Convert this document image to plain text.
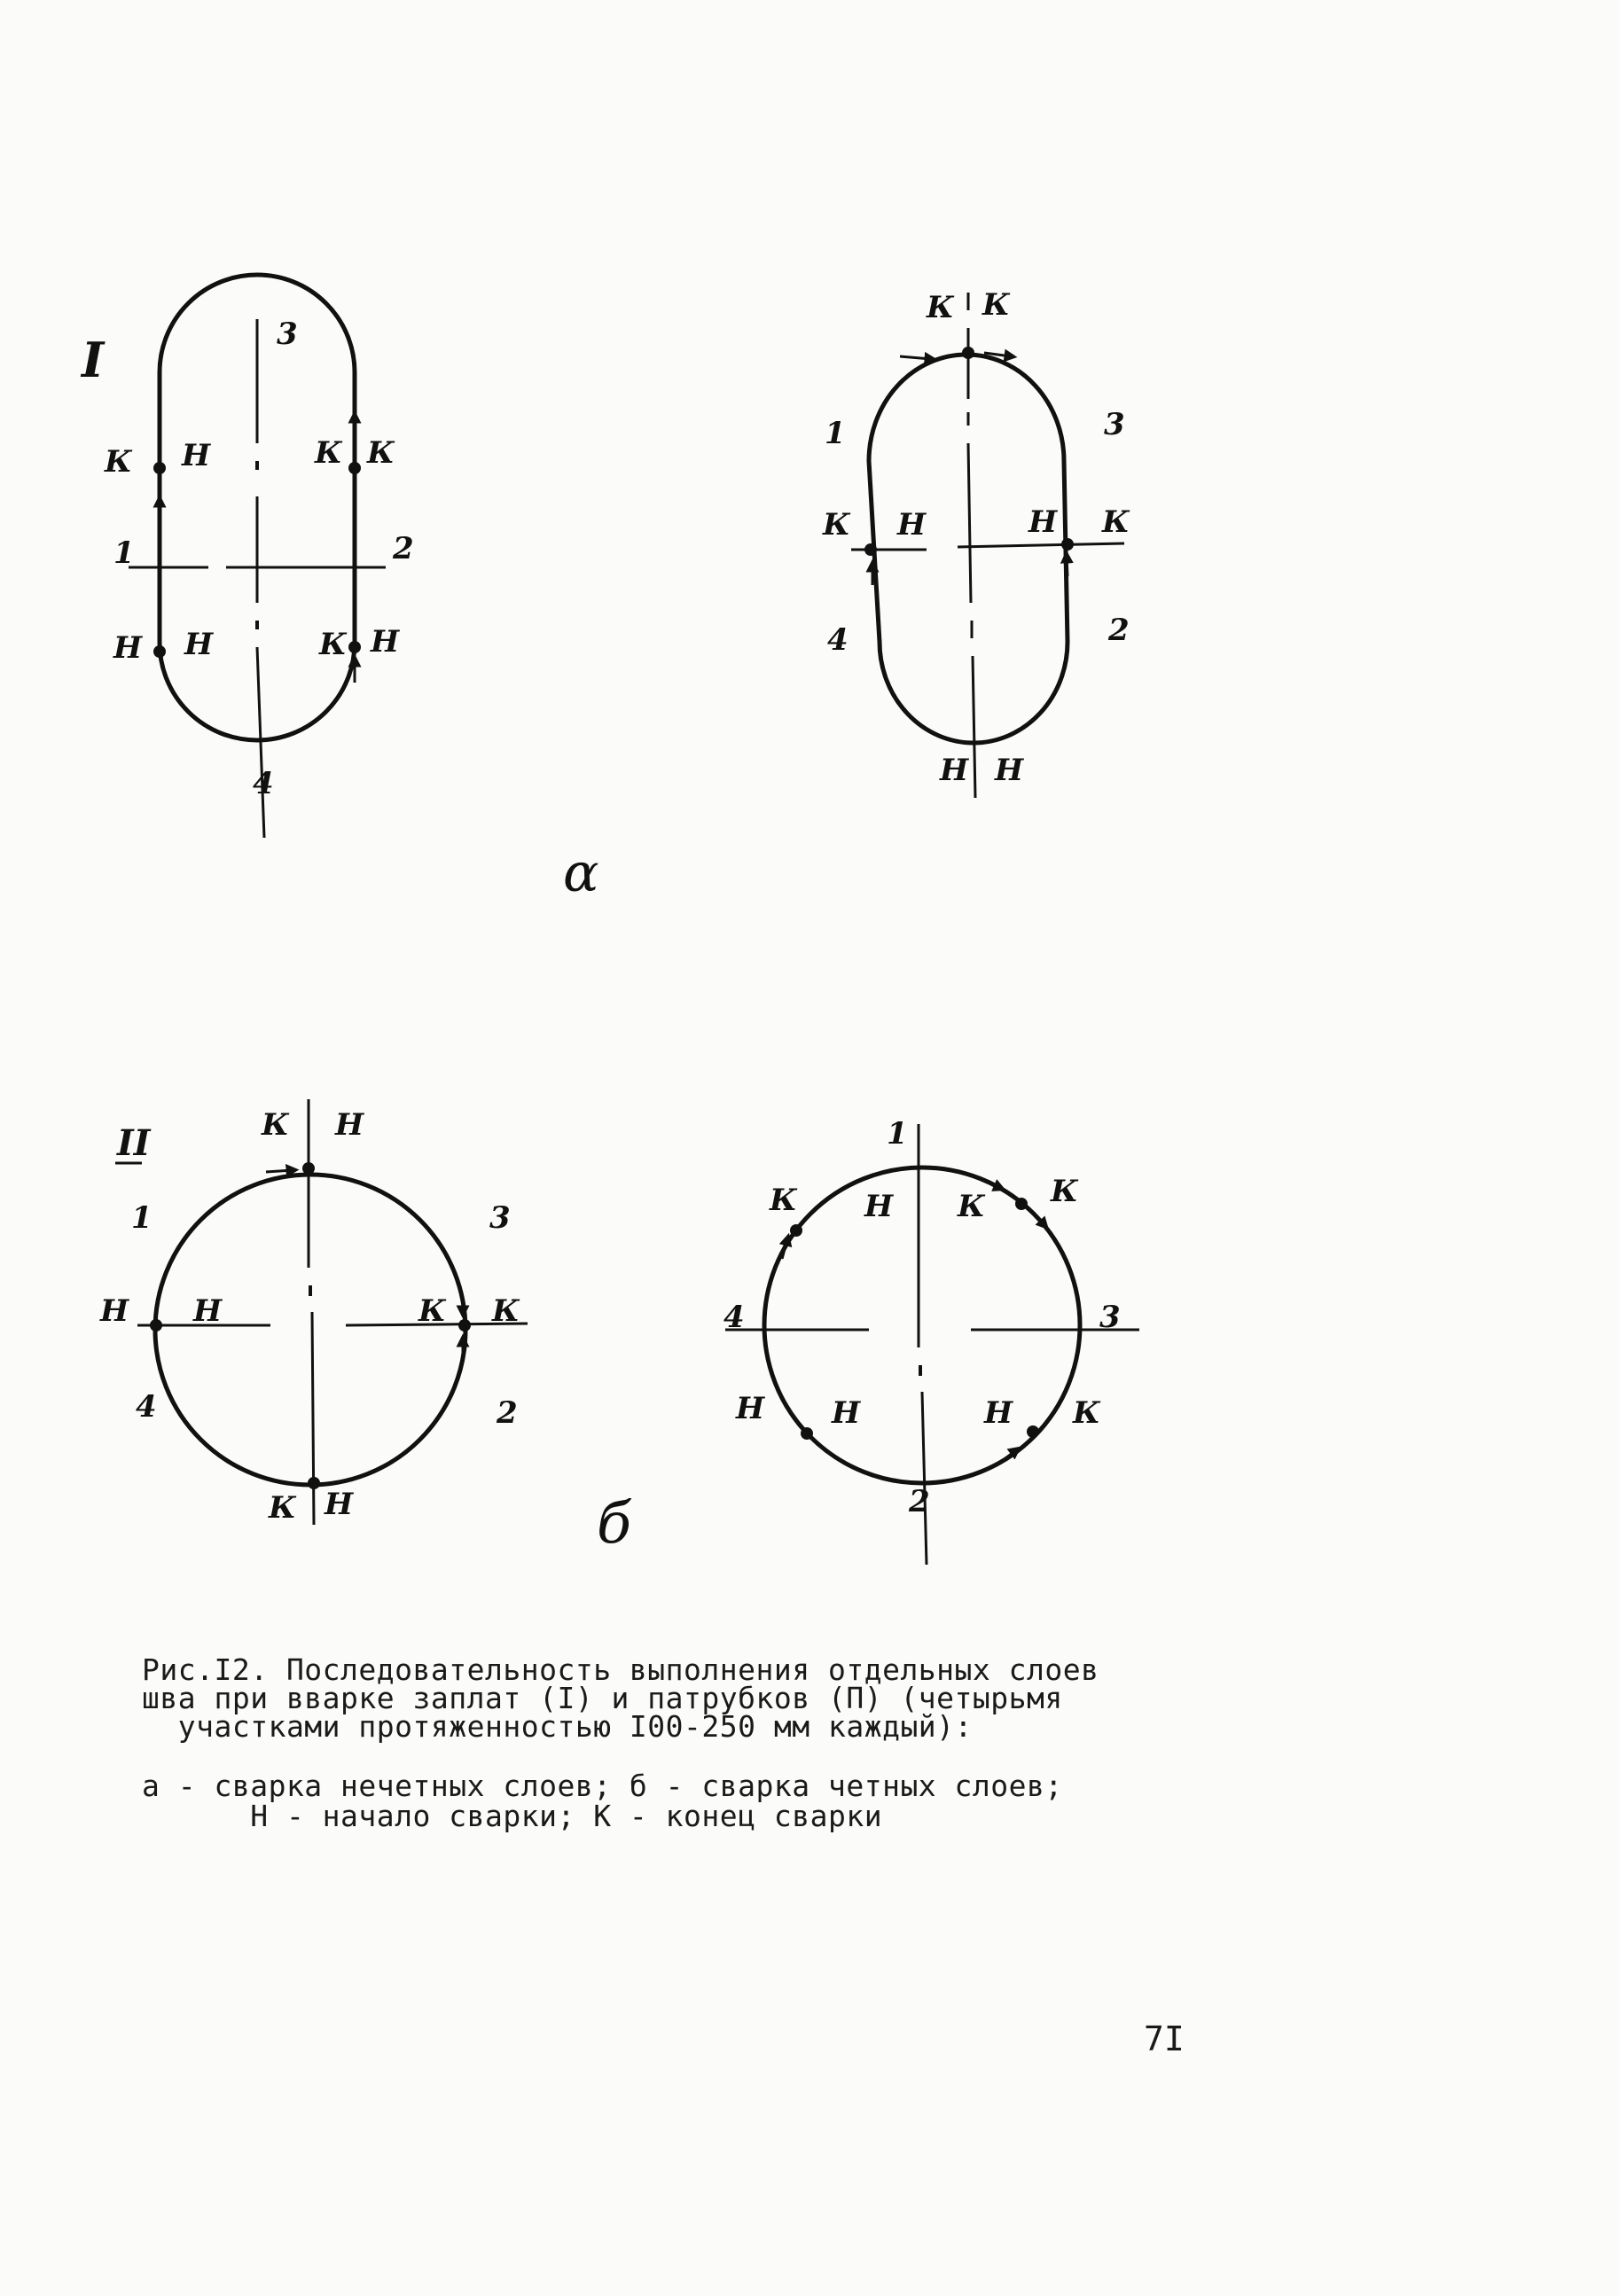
I	3
1	2
4
К Н	К К
Н Н	К Н
К К
1	3
К Н	Н К
4	2
Н Н
α
II	К Н
1	3
Н Н	К К
4	2
К Н	б
1
К Н К К
4	3
Н Н	Н К
2
Рис.I2. Последовательность выполнения отдельных слоев
шва при вварке заплат (I) и патрубков (П) (четырьмя
участками протяженностью I00-250 мм каждый):
а - сварка нечетных слоев; б - сварка четных слоев;
Н - начало сварки; К - конец сварки
7I
